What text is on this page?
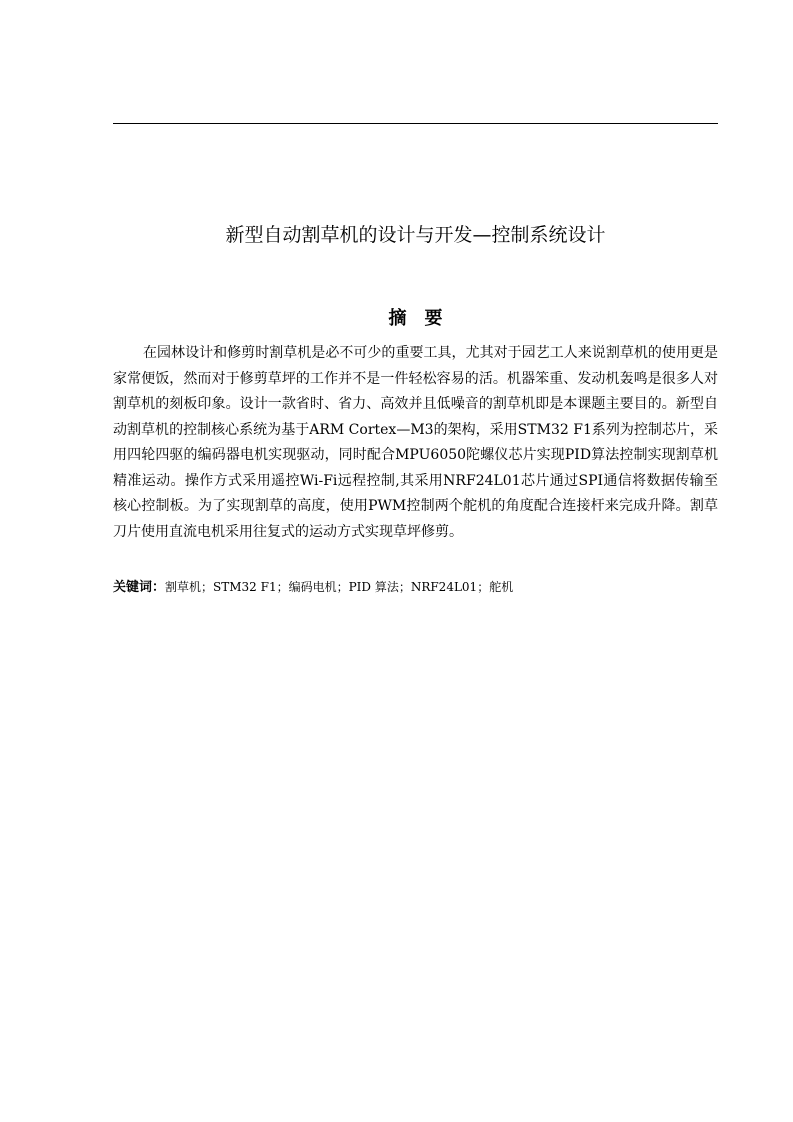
新型自动割草机的设计与开发—控制系统设计
摘要

在园林设计和修剪时割草机是必不可少的重要工具，尤其对于园艺工人来说割草机的使用更是家常便饭，然而对于修剪草坪的工作并不是一件轻松容易的活。机器笨重、发动机轰鸣是很多人对割草机的刻板印象。设计一款省时、省力、高效并且低噪音的割草机即是本课题主要目的。新型自动割草机的控制核心系统为基于ARM Cortex—M3的架构，采用STM32 F1系列为控制芯片，采用四轮四驱的编码器电机实现驱动，同时配合MPU6050陀螺仪芯片实现PID算法控制实现割草机精准运动。操作方式采用遥控Wi-Fi远程控制,其采用NRF24L01芯片通过SPI通信将数据传输至核心控制板。为了实现割草的高度，使用PWM控制两个舵机的角度配合连接杆来完成升降。割草刀片使用直流电机采用往复式的运动方式实现草坪修剪。

关键词：割草机；STM32 F1；编码电机；PID 算法；NRF24L01；舵机
